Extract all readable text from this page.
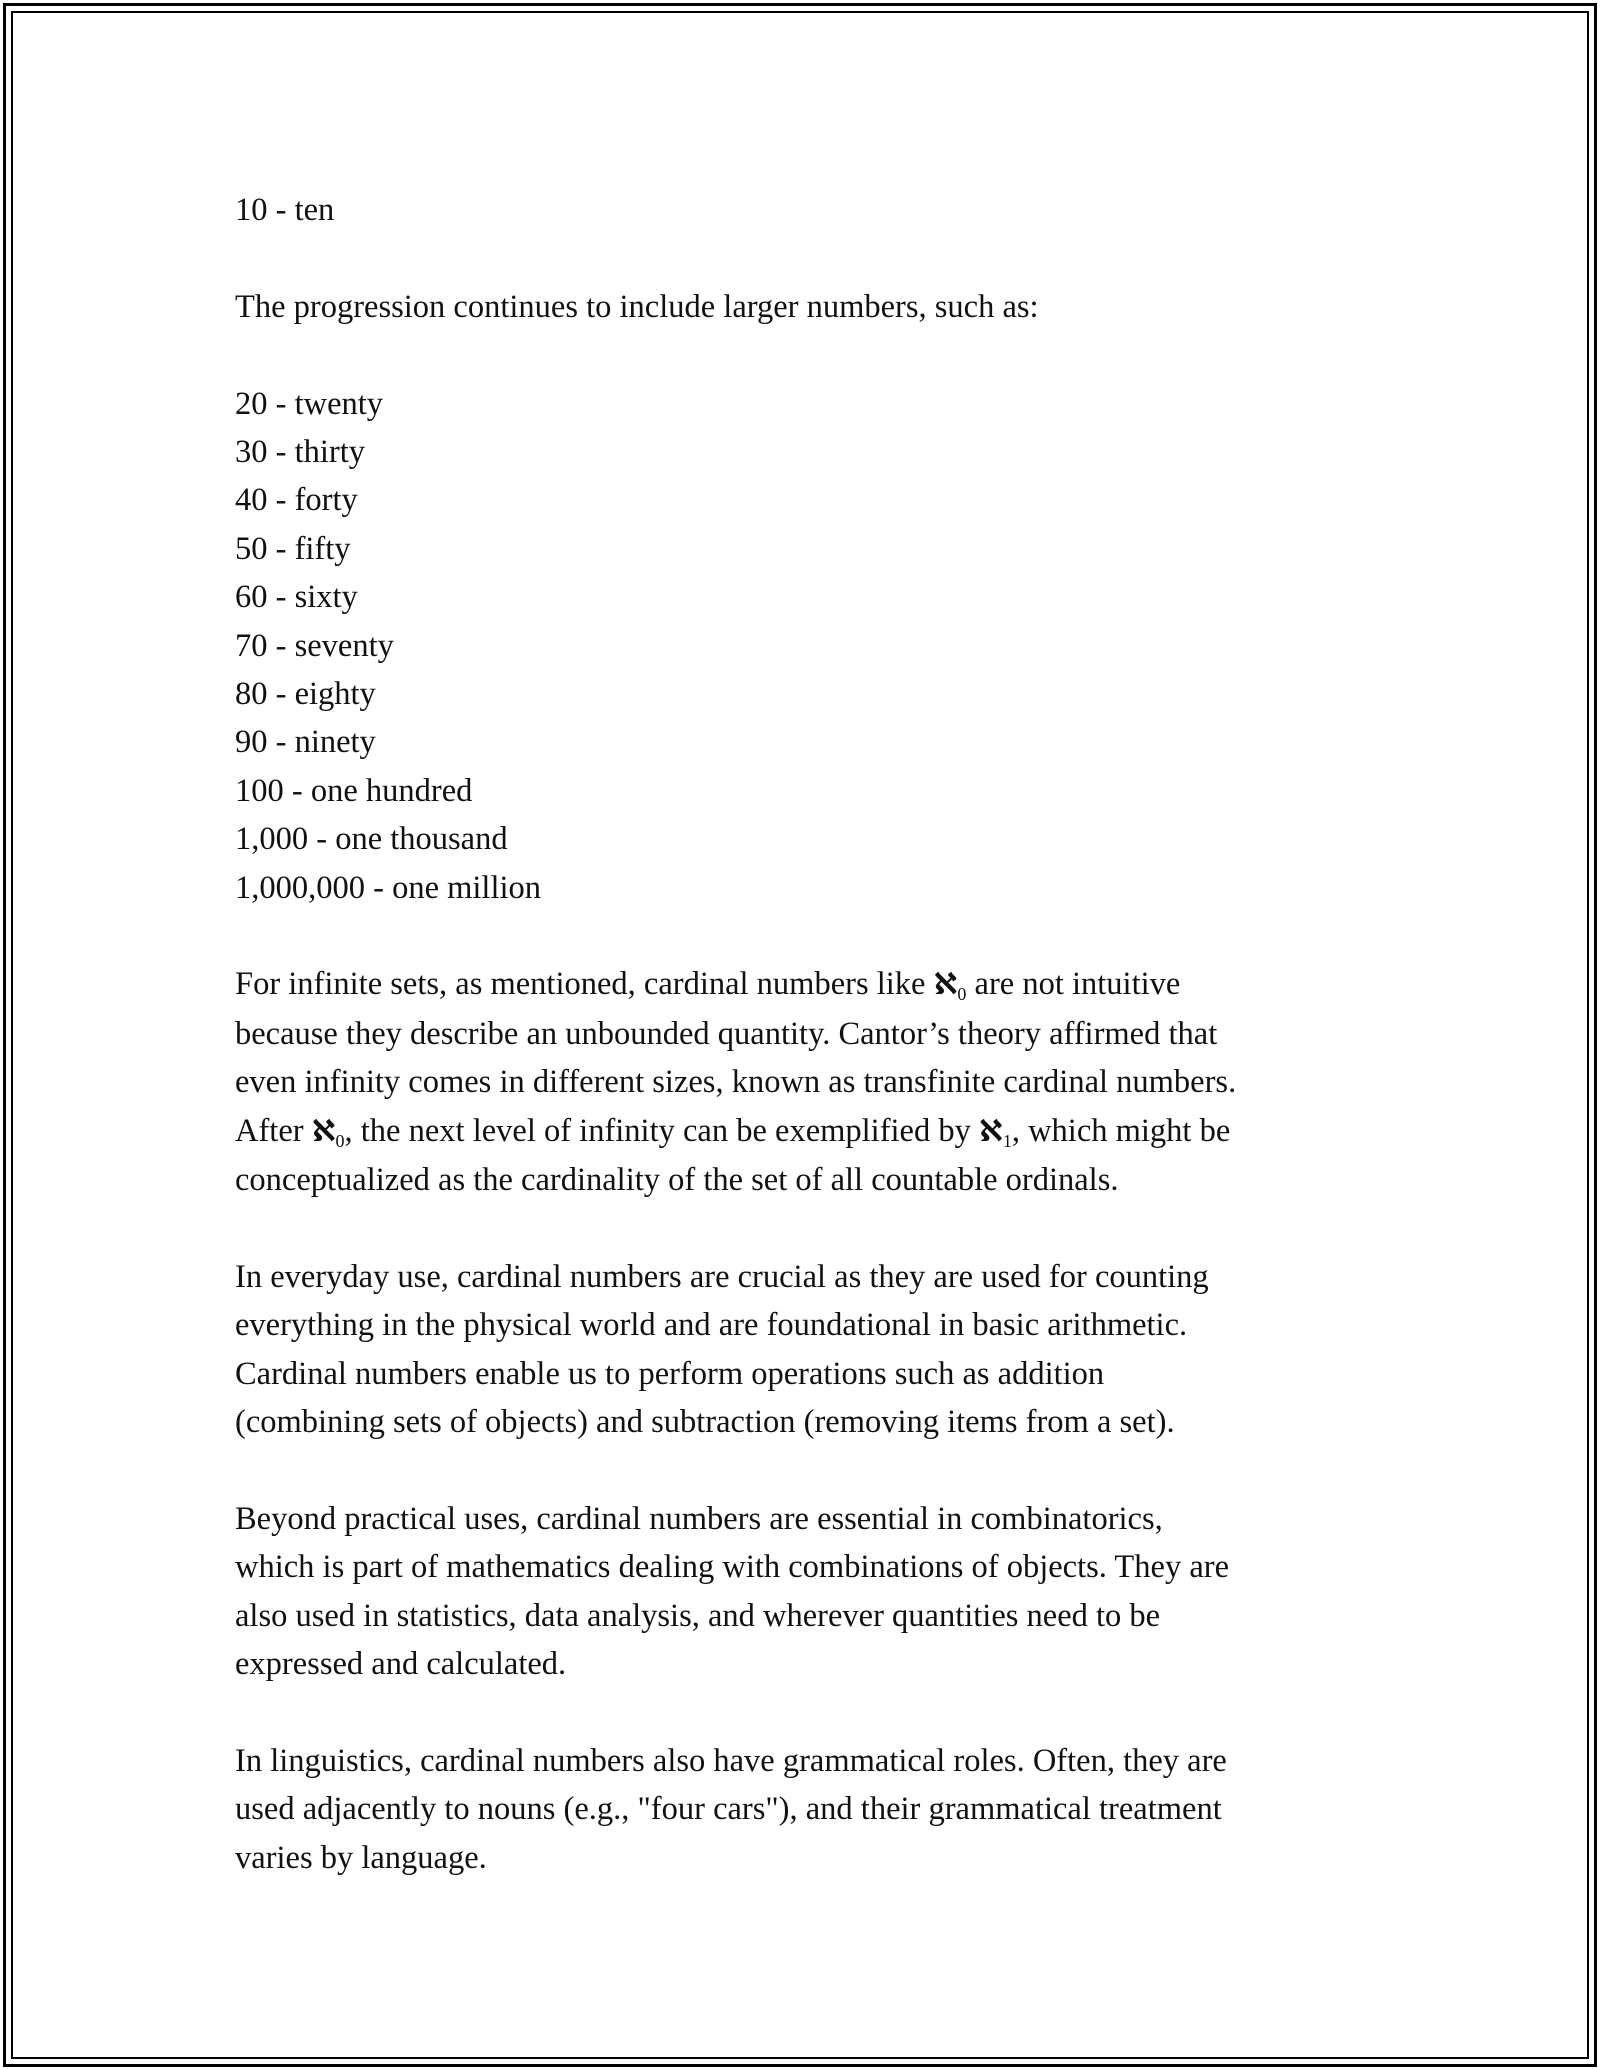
10 - ten
The progression continues to include larger numbers, such as:
20 - twenty
30 - thirty
40 - forty
50 - fifty
60 - sixty
70 - seventy
80 - eighty
90 - ninety
100 - one hundred
1,000 - one thousand
1,000,000 - one million
For infinite sets, as mentioned, cardinal numbers like ℵ$_0$ are not intuitive
because they describe an unbounded quantity. Cantor’s theory affirmed that
even infinity comes in different sizes, known as transfinite cardinal numbers.
After ℵ$_0$, the next level of infinity can be exemplified by ℵ$_1$, which might be
conceptualized as the cardinality of the set of all countable ordinals.
In everyday use, cardinal numbers are crucial as they are used for counting
everything in the physical world and are foundational in basic arithmetic.
Cardinal numbers enable us to perform operations such as addition
(combining sets of objects) and subtraction (removing items from a set).
Beyond practical uses, cardinal numbers are essential in combinatorics,
which is part of mathematics dealing with combinations of objects. They are
also used in statistics, data analysis, and wherever quantities need to be
expressed and calculated.
In linguistics, cardinal numbers also have grammatical roles. Often, they are
used adjacently to nouns (e.g., "four cars"), and their grammatical treatment
varies by language.
